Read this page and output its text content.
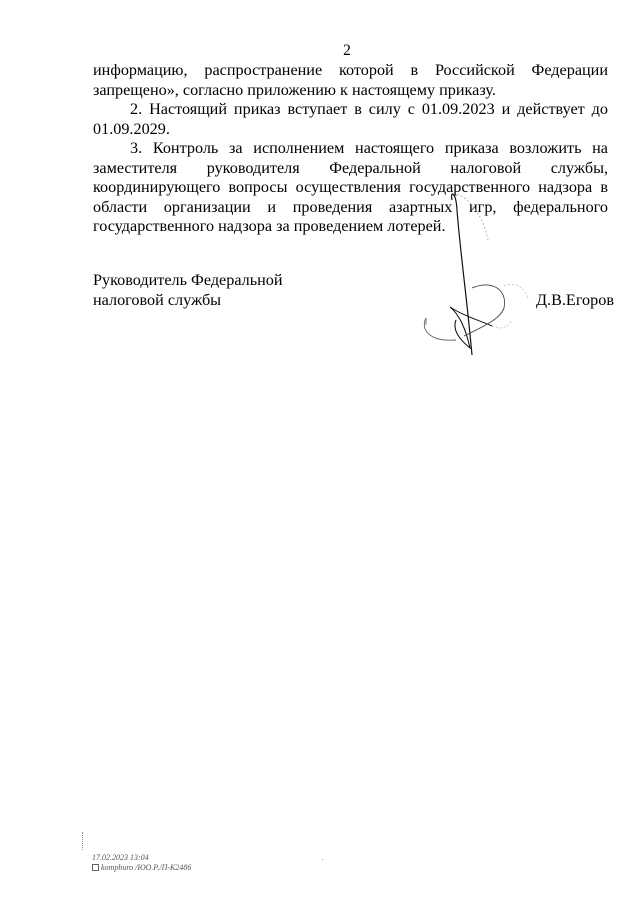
2

информацию, распространение которой в Российской Федерации запрещено», согласно приложению к настоящему приказу.

2. Настоящий приказ вступает в силу с 01.09.2023 и действует до 01.09.2029.

3. Контроль за исполнением настоящего приказа возложить на заместителя руководителя Федеральной налоговой службы, координирующего вопросы осуществления государственного надзора в области организации и проведения азартных игр, федерального государственного надзора за проведением лотерей.

Руководитель Федеральной
налоговой службы	Д.В.Егоров
17.02.2023 13:04
kompburo /ЮО.Р./П-К2486
